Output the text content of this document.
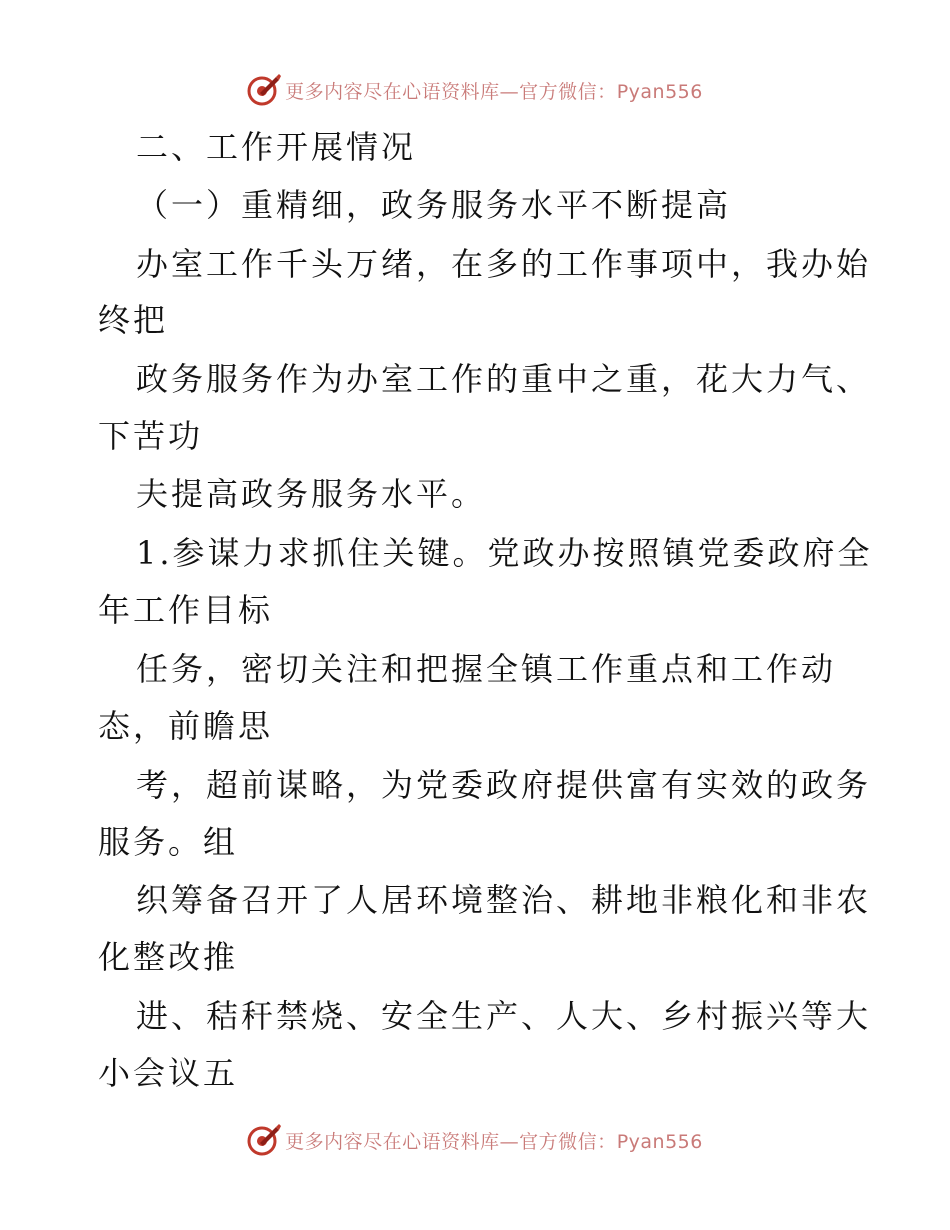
更多内容尽在心语资料库—官方微信：Pyan556
二、工作开展情况
（一）重精细，政务服务水平不断提高
办室工作千头万绪，在多的工作事项中，我办始
终把
政务服务作为办室工作的重中之重，花大力气、
下苦功
夫提高政务服务水平。
1.参谋力求抓住关键。党政办按照镇党委政府全
年工作目标
任务，密切关注和把握全镇工作重点和工作动
态，前瞻思
考，超前谋略，为党委政府提供富有实效的政务
服务。组
织筹备召开了人居环境整治、耕地非粮化和非农
化整改推
进、秸秆禁烧、安全生产、人大、乡村振兴等大
小会议五
更多内容尽在心语资料库—官方微信：Pyan556
